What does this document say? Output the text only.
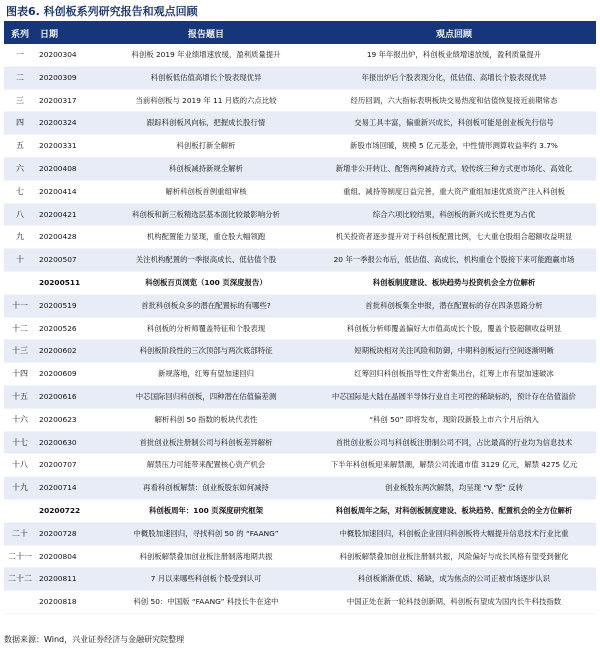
图表6. 科创板系列研究报告和观点回顾
系列	日期	报告题目	观点回顾
一	20200304	科创板 2019 年业绩增速放缓，盈利质量提升	19 年年报出炉，科创板业绩增速放缓，盈利质量提升
二	20200309	科创板低估值高增长个股表现优异	年报出炉后个股表现分化，低估值、高增长个股表现优异
三	20200317	当前科创板与 2019 年 11 月底的六点比较	经历回调，六大指标表明板块交易热度和估值恢复接近前期常态
四	20200324	跟踪科创板风向标，把握成长股行情	交易工具丰富，偏重新兴成长，科创板可能是创业板先行信号
五	20200331	科创板打新全解析	新股市场回暖，规模 5 亿元基金，中性情形测算收益率约 3.7%
六	20200408	科创板减持新规全解析	新增非公开转让、配售两种减持方式，较传统三种方式更市场化、高效化
七	20200414	解析科创板首例重组审核	重组、减持等制度日益完善，重大资产重组加速优质资产注入科创板
八	20200421	科创板和新三板精选层基本面比较最影响分析	综合六项比较结果，科创板的新兴成长性更为占优
九	20200428	机构配置能力显现，重仓股大幅领跑	机关投资者逐步提升对于科创板配置比例，七大重仓股组合超额收益明显
十	20200507	关注机构配置的一季报高成长、低估值个股	20 年一季报公布后，低估值、高成长、机构重仓个股接下来可能跑赢市场
	20200511	科创板百页浏览（100 页深度报告）	科创板制度建设、板块趋势与投资机会全方位解析
十一	20200519	首批科创板众多的潜在配置标的有哪些?	首批科创板集全申报，潜在配置标的存在四条思路分析
十二	20200526	科创板的分析师覆盖特征和个股表现	科创板分析师覆盖偏好大市值高成长个股，覆盖个股超额收益明显
十三	20200602	科创板阶段性的三次顶部与两次底部特征	短期板块相对关注风险和防御，中期科创板运行空间逐渐明晰
十四	20200609	新规落地，红筹有望加速回归	红筹回归科创板指导性文件密集出台，红筹上市有望加速破冰
十五	20200616	中芯国际回归科创板，四种潜在估值偏差测	中芯国际是大陆在晶圆半导体行业自主可控的稀缺标的，预计存在估值溢价
十六	20200623	解析科创 50 指数的板块代表性	“科创 50” 即将发布，现阶段新股上市六个月后纳入
十七	20200630	首批创业板注册制公司与科创板差异解析	首批创业板公司与科创板注册制公司不同，占比最高的行业均为信息技术
十八	20200707	解禁压力可能带来配置核心资产机会	下半年科创板迎来解禁潮，解禁公司流通市值 3129 亿元，解禁 4275 亿元
十九	20200714	再看科创板解禁：创业板股东如何减持	创业板股东两次解禁，均呈现 “V 型” 反转
	20200722	科创板周年：100 页深度研究框架	科创板周年之际，对科创板制度建设、板块趋势、配置机会的全方位解析
二十	20200728	中概股加速回归，寻找科创 50 的 “FAANG”	中概股加速回归，科创板企业回归科创板将大幅提升信息技术行业比重
二十一	20200804	科创板解禁叠加创业板注册制落地期共振	科创板解禁叠加创业板注册制共振，风险偏好与成长风格有望受到催化
二十二	20200811	7 月以来哪些科创板个股受到认可	科创板渐渐优质、稀缺，成为焦点的公司正被市场逐步认识
	20200818	科创 50：中国版 “FAANG” 科技长牛在途中	中国正处在新一轮科技创新期，科创板有望成为国内长牛科技指数
数据来源：Wind，兴业证券经济与金融研究院整理
